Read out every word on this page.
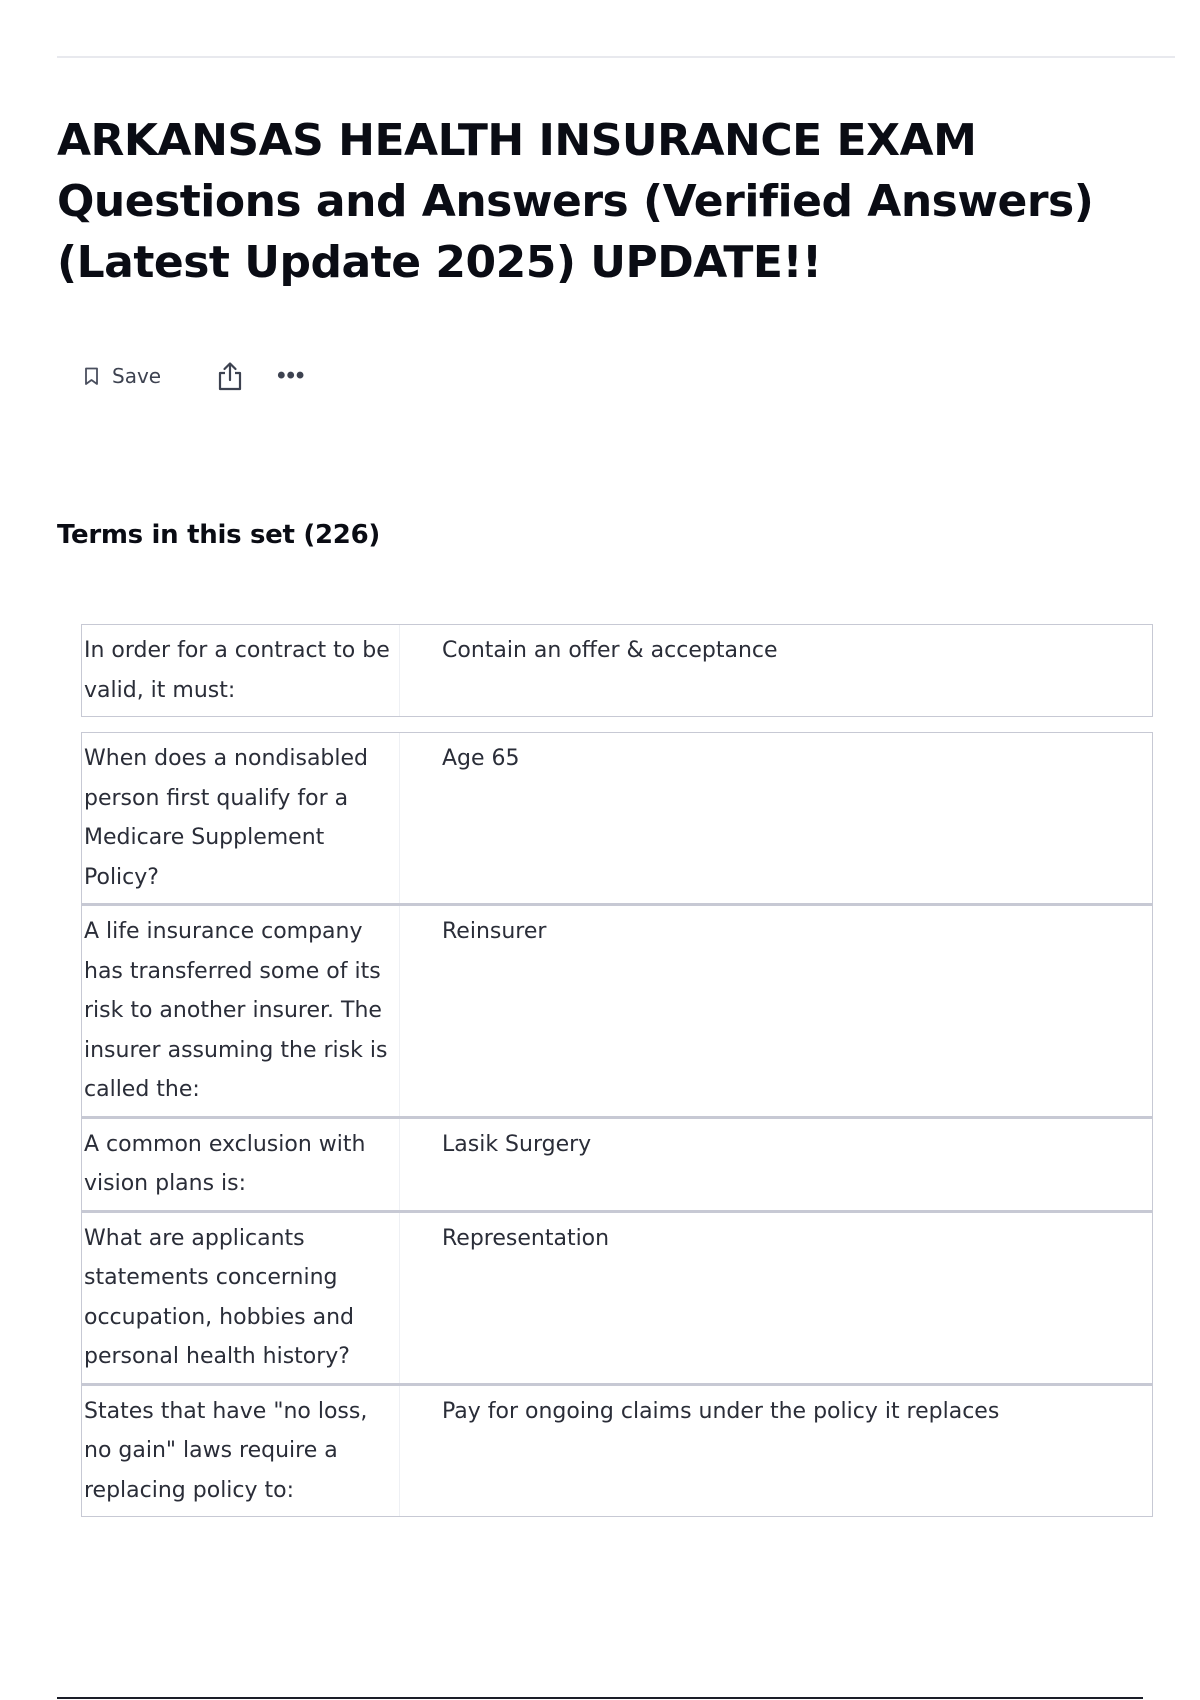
ARKANSAS HEALTH INSURANCE EXAM Questions and Answers (Verified Answers) (Latest Update 2025) UPDATE!!
Save	•••
Terms in this set (226)
In order for a contract to be valid, it must:
Contain an offer & acceptance
When does a nondisabled person first qualify for a Medicare Supplement Policy?
Age 65
A life insurance company has transferred some of its risk to another insurer. The insurer assuming the risk is called the:
Reinsurer
A common exclusion with vision plans is:
Lasik Surgery
What are applicants statements concerning occupation, hobbies and personal health history?
Representation
States that have "no loss, no gain" laws require a replacing policy to:
Pay for ongoing claims under the policy it replaces
